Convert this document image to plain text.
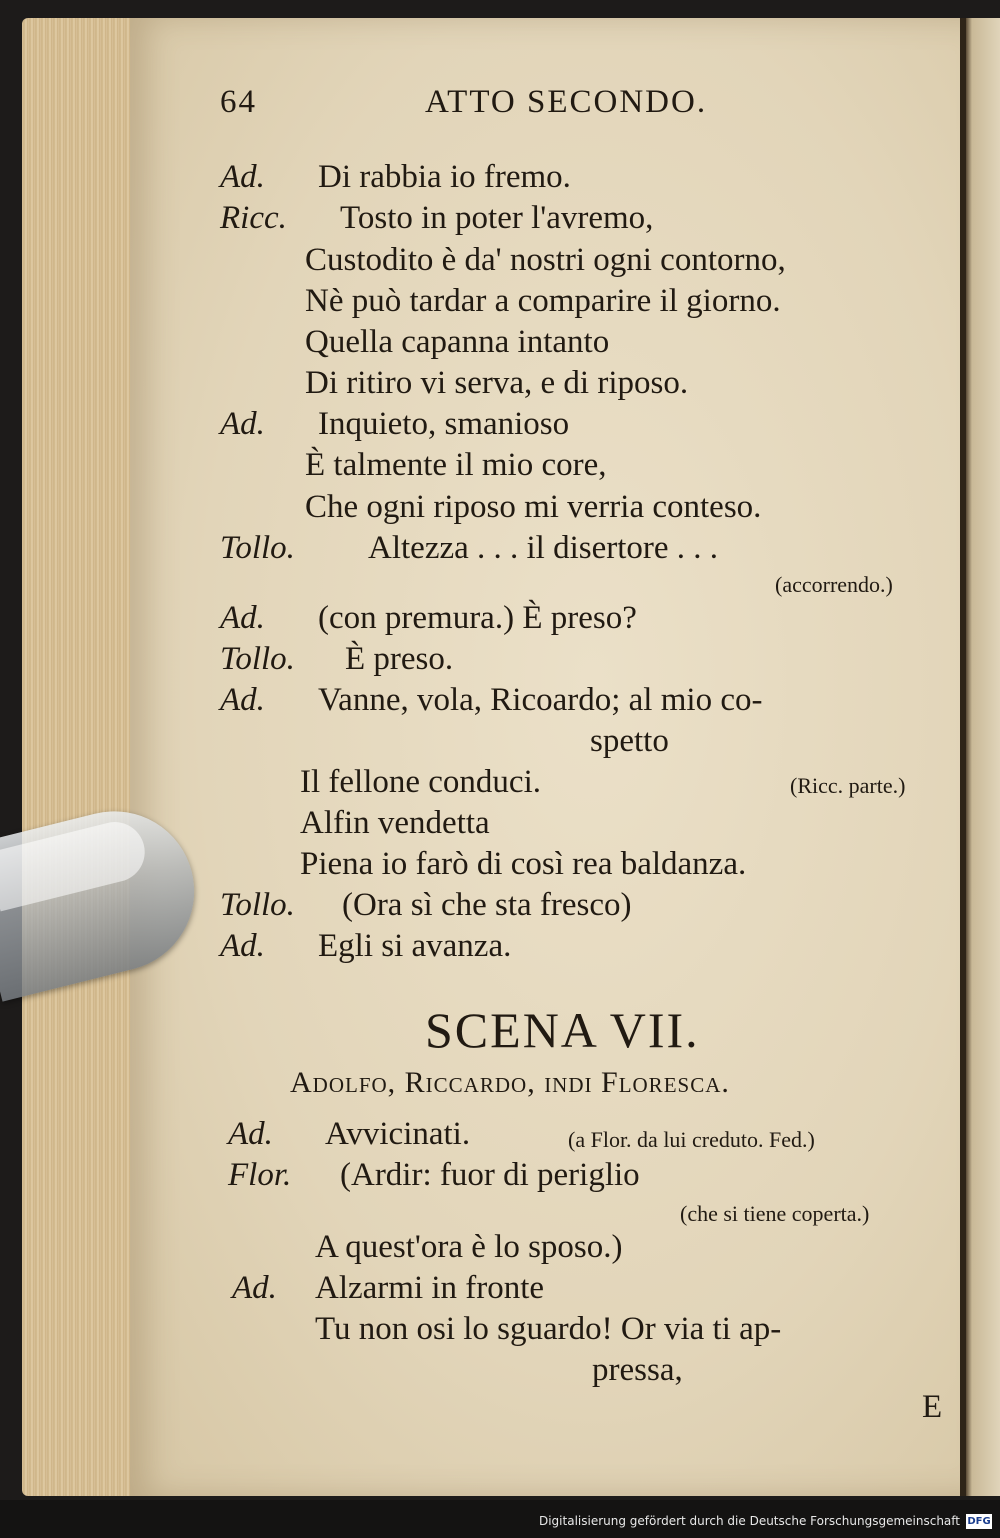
64	ATTO SECONDO.
Ad. Di rabbia io fremo.
Ricc. Tosto in poter l'avremo,
Custodito è da' nostri ogni contorno,
Nè può tardar a comparire il giorno.
Quella capanna intanto
Di ritiro vi serva, e di riposo.
Ad. Inquieto, smanioso
È talmente il mio core,
Che ogni riposo mi verria conteso.
Tollo. Altezza . . . il disertore . . .
(accorrendo.)
Ad. (con premura.) È preso?
Tollo. È preso.
Ad. Vanne, vola, Ricoardo; al mio co-
spetto
Il fellone conduci.	(Ricc. parte.)
Alfin vendetta
Piena io farò di così rea baldanza.
Tollo. (Ora sì che sta fresco)
Ad. Egli si avanza.
SCENA VII.
Adolfo, Riccardo, indi Floresca.
Ad. Avvicinati.	(a Flor. da lui creduto. Fed.)
Flor. (Ardir: fuor di periglio
(che si tiene coperta.)
A quest'ora è lo sposo.)
Ad. Alzarmi in fronte
Tu non osi lo sguardo! Or via ti ap-
pressa,
E
Digitalisierung gefördert durch die Deutsche Forschungsgemeinschaft DFG
